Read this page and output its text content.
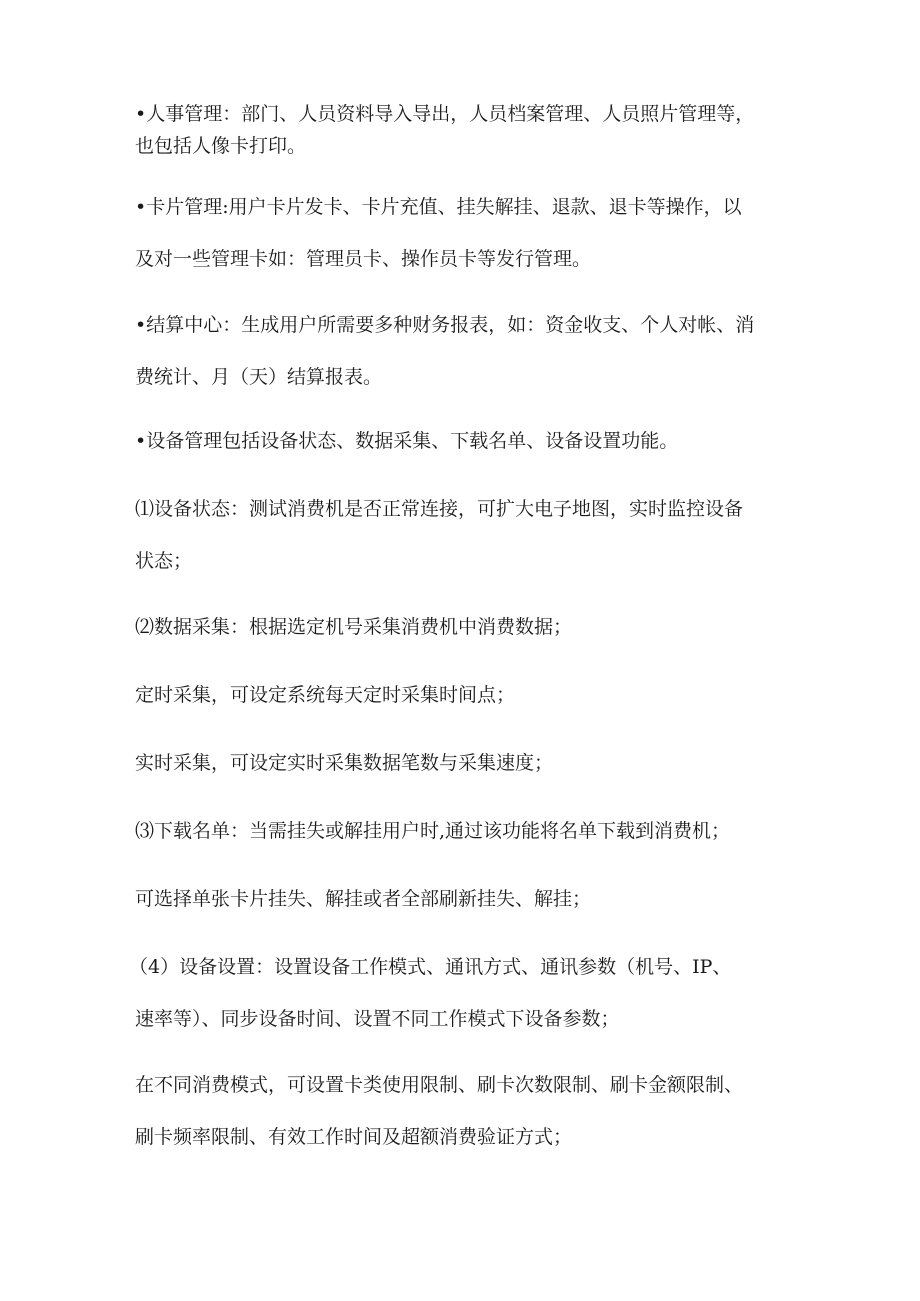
•人事管理：部门、人员资料导入导出，人员档案管理、人员照片管理等，
也包括人像卡打印。

•卡片管理:用户卡片发卡、卡片充值、挂失解挂、退款、退卡等操作，以
及对一些管理卡如：管理员卡、操作员卡等发行管理。

•结算中心：生成用户所需要多种财务报表，如：资金收支、个人对帐、消
费统计、月（天）结算报表。

•设备管理包括设备状态、数据采集、下载名单、设备设置功能。

⑴设备状态：测试消费机是否正常连接，可扩大电子地图，实时监控设备
状态；

⑵数据采集：根据选定机号采集消费机中消费数据；

定时采集，可设定系统每天定时采集时间点；

实时采集，可设定实时采集数据笔数与采集速度；

⑶下载名单：当需挂失或解挂用户时,通过该功能将名单下载到消费机；

可选择单张卡片挂失、解挂或者全部刷新挂失、解挂；

（4）设备设置：设置设备工作模式、通讯方式、通讯参数（机号、IP、
速率等）、同步设备时间、设置不同工作模式下设备参数；

在不同消费模式，可设置卡类使用限制、刷卡次数限制、刷卡金额限制、
刷卡频率限制、有效工作时间及超额消费验证方式；
